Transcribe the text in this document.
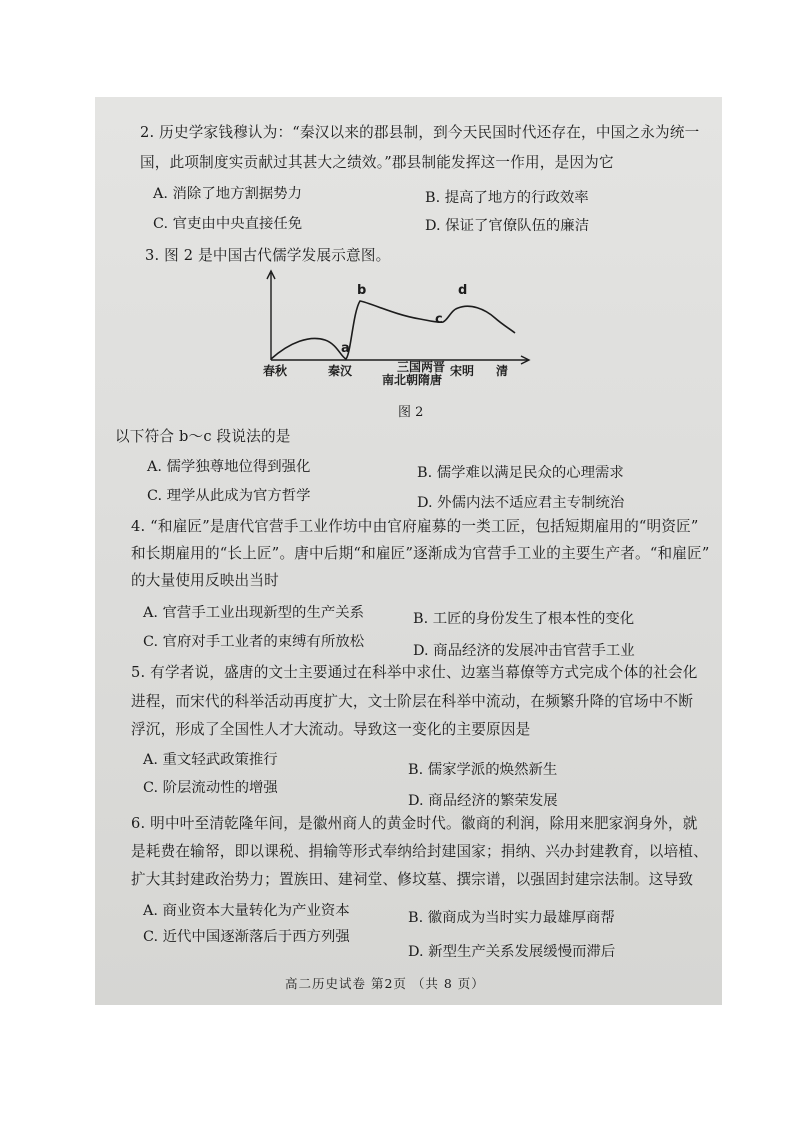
2. 历史学家钱穆认为：“秦汉以来的郡县制，到今天民国时代还存在，中国之永为统一
国，此项制度实贡献过其甚大之绩效。”郡县制能发挥这一作用，是因为它
A. 消除了地方割据势力	B. 提高了地方的行政效率
C. 官吏由中央直接任免	D. 保证了官僚队伍的廉洁
3. 图 2 是中国古代儒学发展示意图。
a
b
c
d
春秋	秦汉	三国两晋
南北朝隋唐
宋明 清
图 2
以下符合 b～c 段说法的是
A. 儒学独尊地位得到强化	B. 儒学难以满足民众的心理需求
C. 理学从此成为官方哲学	D. 外儒内法不适应君主专制统治
4. “和雇匠”是唐代官营手工业作坊中由官府雇募的一类工匠，包括短期雇用的“明资匠”
和长期雇用的“长上匠”。唐中后期“和雇匠”逐渐成为官营手工业的主要生产者。“和雇匠”
的大量使用反映出当时
A. 官营手工业出现新型的生产关系	B. 工匠的身份发生了根本性的变化
C. 官府对手工业者的束缚有所放松
D. 商品经济的发展冲击官营手工业
5. 有学者说，盛唐的文士主要通过在科举中求仕、边塞当幕僚等方式完成个体的社会化
进程，而宋代的科举活动再度扩大，文士阶层在科举中流动，在频繁升降的官场中不断
浮沉，形成了全国性人才大流动。导致这一变化的主要原因是
A. 重文轻武政策推行
B. 儒家学派的焕然新生
C. 阶层流动性的增强
D. 商品经济的繁荣发展
6. 明中叶至清乾隆年间，是徽州商人的黄金时代。徽商的利润，除用来肥家润身外，就
是耗费在输帑，即以课税、捐输等形式奉纳给封建国家；捐纳、兴办封建教育，以培植、
扩大其封建政治势力；置族田、建祠堂、修坟墓、撰宗谱，以强固封建宗法制。这导致
A. 商业资本大量转化为产业资本	B. 徽商成为当时实力最雄厚商帮
C. 近代中国逐渐落后于西方列强
D. 新型生产关系发展缓慢而滞后
高二历史试卷 第2页 （共 8 页）
